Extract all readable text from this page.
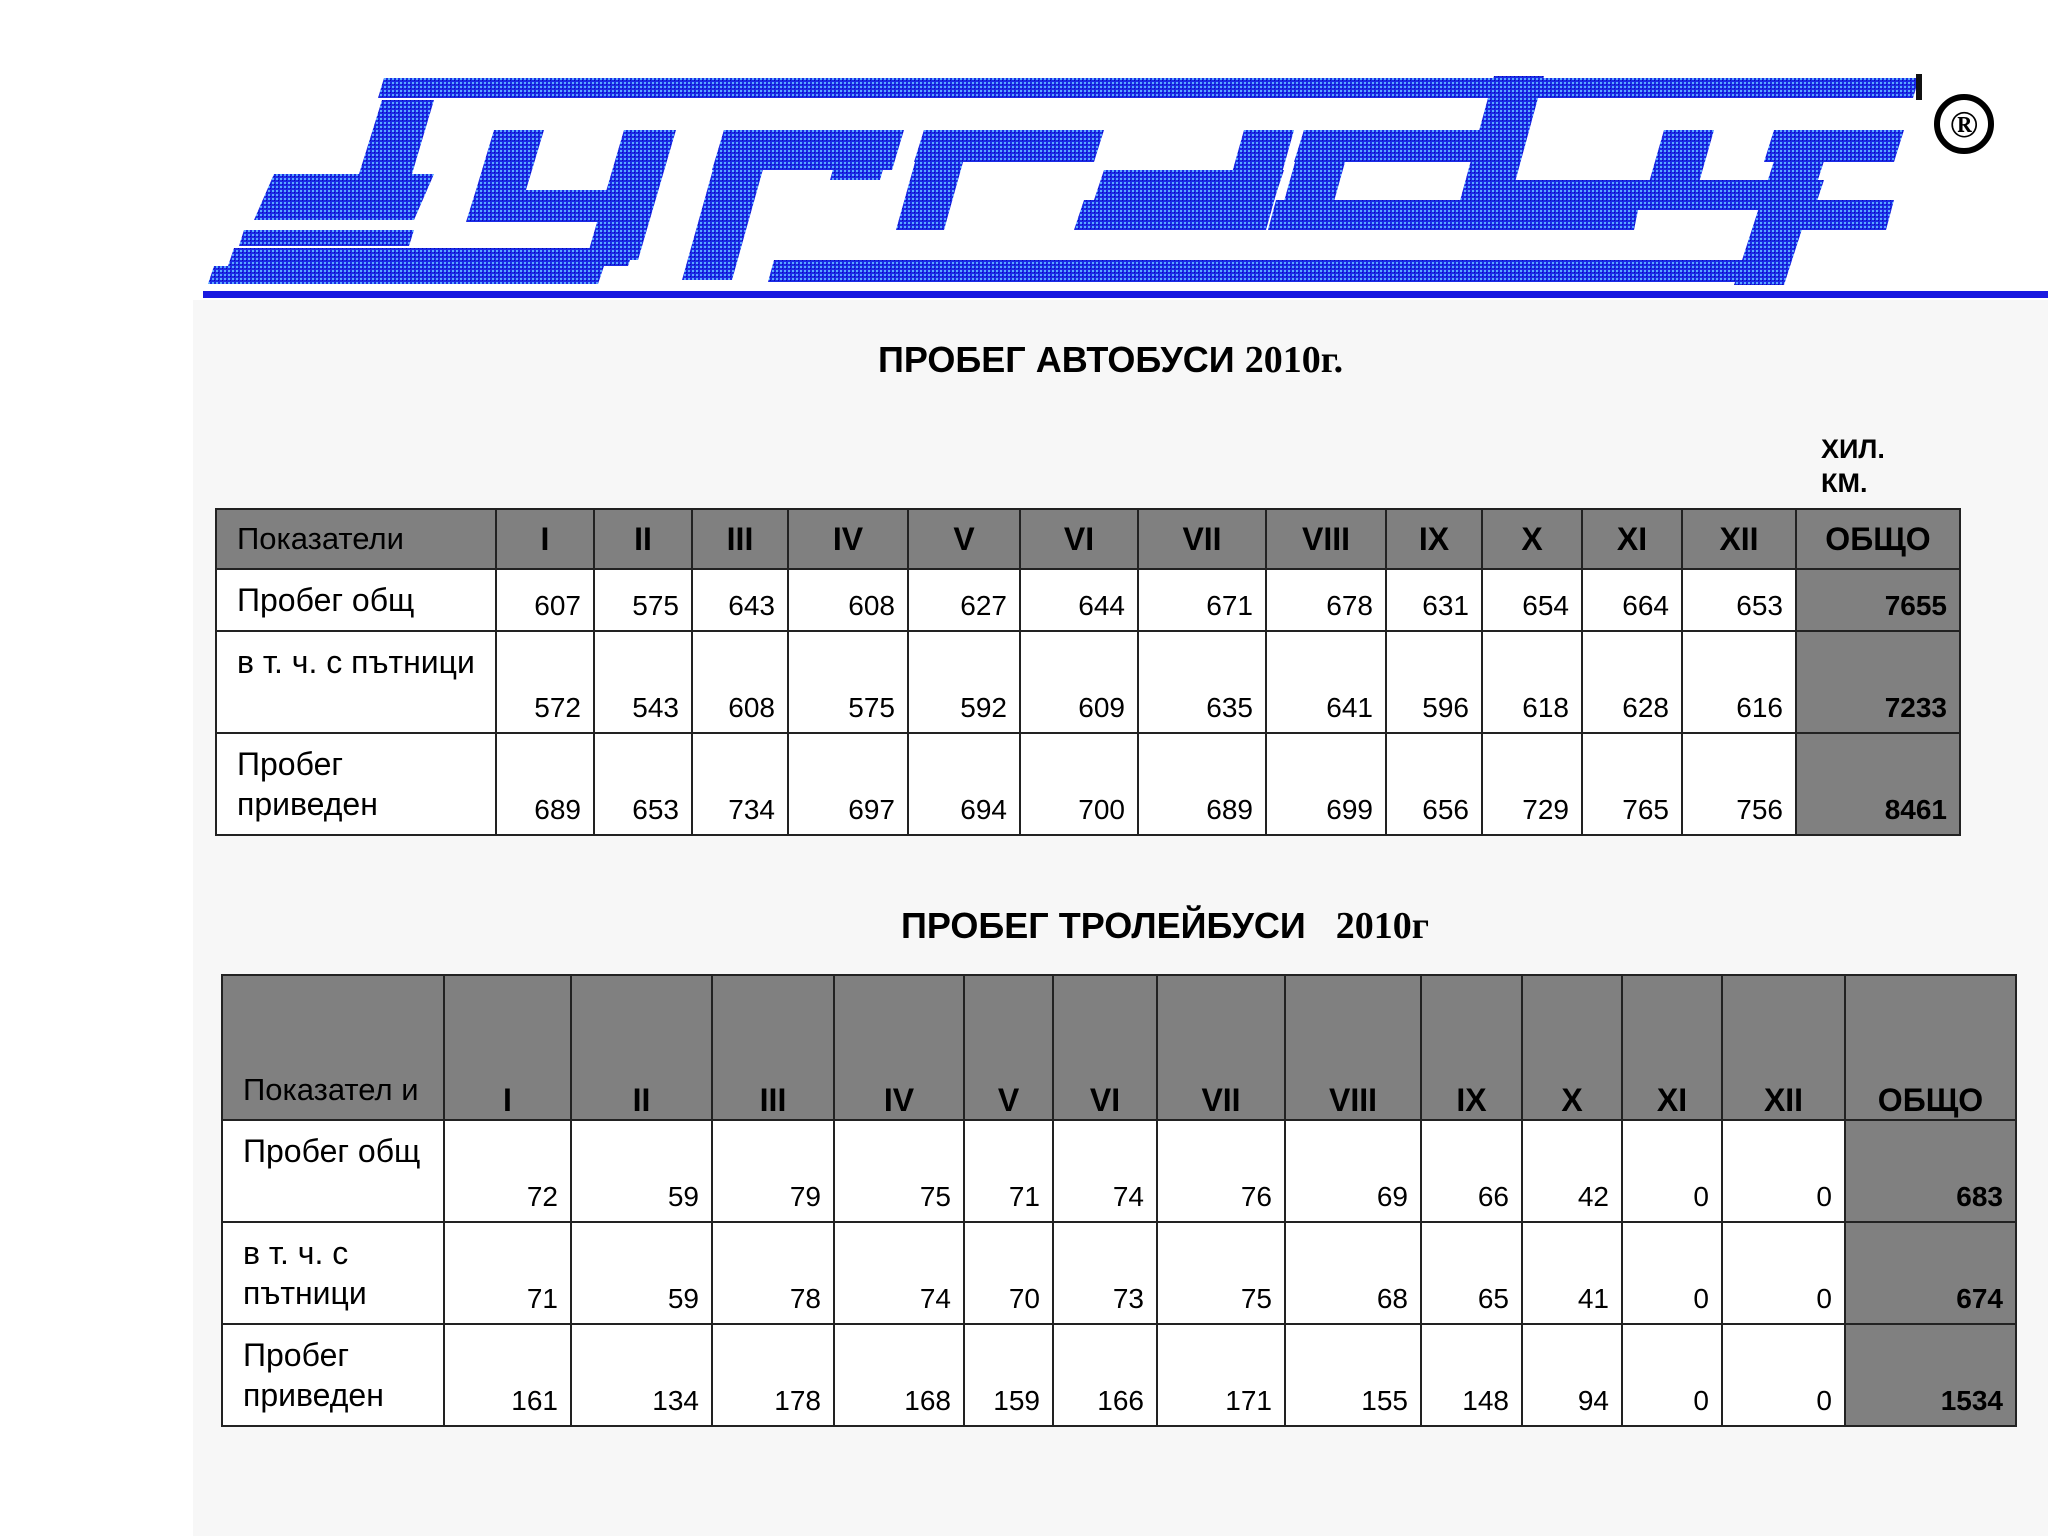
®
ПРОБЕГ АВТОБУСИ 2010г.
ХИЛ.
КМ.
Показатели	I	II	III	IV	V	VI	VII	VIII	IX	X	XI	XII	ОБЩО
Пробег общ	607	575	643	608	627	644	671	678	631	654	664	653	7655
в т. ч. с пътници	572	543	608	575	592	609	635	641	596	618	628	616	7233
Пробег приведен	689	653	734	697	694	700	689	699	656	729	765	756	8461
ПРОБЕГ ТРОЛЕЙБУСИ   2010г
Показател и	I	II	III	IV	V	VI	VII	VIII	IX	X	XI	XII	ОБЩО
Пробег общ	72	59	79	75	71	74	76	69	66	42	0	0	683
в т. ч. с пътници	71	59	78	74	70	73	75	68	65	41	0	0	674
Пробег приведен	161	134	178	168	159	166	171	155	148	94	0	0	1534
